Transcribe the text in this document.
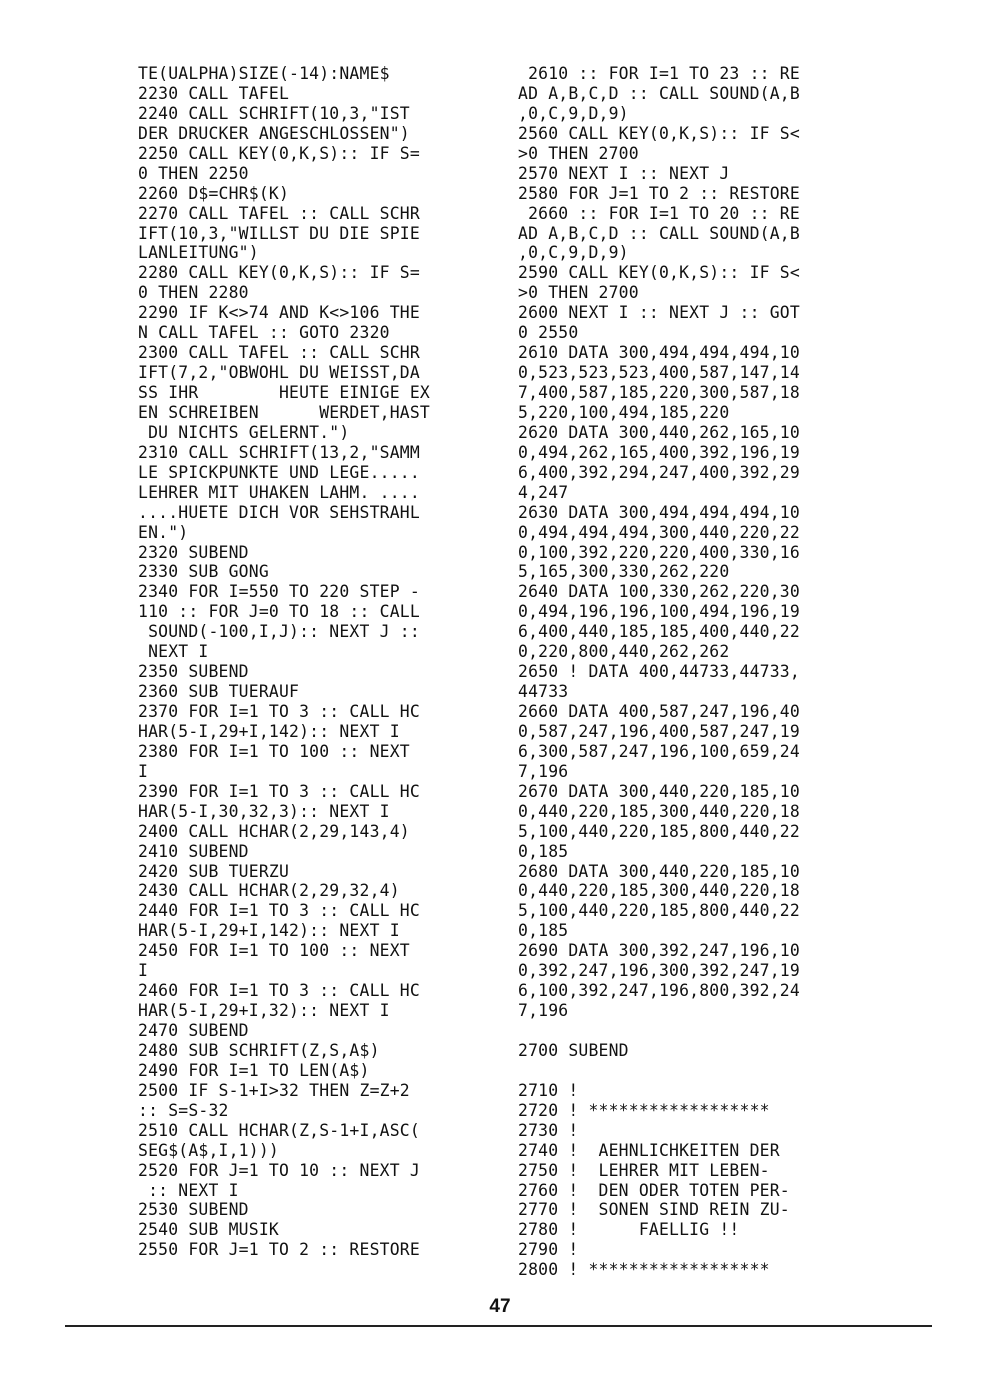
TE(UALPHA)SIZE(-14):NAME$
2230 CALL TAFEL
2240 CALL SCHRIFT(10,3,"IST
DER DRUCKER ANGESCHLOSSEN")
2250 CALL KEY(0,K,S):: IF S=
0 THEN 2250
2260 D$=CHR$(K)
2270 CALL TAFEL :: CALL SCHR
IFT(10,3,"WILLST DU DIE SPIE
LANLEITUNG")
2280 CALL KEY(0,K,S):: IF S=
0 THEN 2280
2290 IF K<>74 AND K<>106 THE
N CALL TAFEL :: GOTO 2320
2300 CALL TAFEL :: CALL SCHR
IFT(7,2,"OBWOHL DU WEISST,DA
SS IHR        HEUTE EINIGE EX
EN SCHREIBEN      WERDET,HAST
DU NICHTS GELERNT.")
2310 CALL SCHRIFT(13,2,"SAMM
LE SPICKPUNKTE UND LEGE.....
LEHRER MIT UHAKEN LAHM. ....
....HUETE DICH VOR SEHSTRAHL
EN.")
2320 SUBEND
2330 SUB GONG
2340 FOR I=550 TO 220 STEP -
110 :: FOR J=0 TO 18 :: CALL
SOUND(-100,I,J):: NEXT J ::
NEXT I
2350 SUBEND
2360 SUB TUERAUF
2370 FOR I=1 TO 3 :: CALL HC
HAR(5-I,29+I,142):: NEXT I
2380 FOR I=1 TO 100 :: NEXT
I
2390 FOR I=1 TO 3 :: CALL HC
HAR(5-I,30,32,3):: NEXT I
2400 CALL HCHAR(2,29,143,4)
2410 SUBEND
2420 SUB TUERZU
2430 CALL HCHAR(2,29,32,4)
2440 FOR I=1 TO 3 :: CALL HC
HAR(5-I,29+I,142):: NEXT I
2450 FOR I=1 TO 100 :: NEXT
I
2460 FOR I=1 TO 3 :: CALL HC
HAR(5-I,29+I,32):: NEXT I
2470 SUBEND
2480 SUB SCHRIFT(Z,S,A$)
2490 FOR I=1 TO LEN(A$)
2500 IF S-1+I>32 THEN Z=Z+2
:: S=S-32
2510 CALL HCHAR(Z,S-1+I,ASC(
SEG$(A$,I,1)))
2520 FOR J=1 TO 10 :: NEXT J
:: NEXT I
2530 SUBEND
2540 SUB MUSIK
2550 FOR J=1 TO 2 :: RESTORE
2610 :: FOR I=1 TO 23 :: RE
AD A,B,C,D :: CALL SOUND(A,B
,0,C,9,D,9)
2560 CALL KEY(0,K,S):: IF S<
>0 THEN 2700
2570 NEXT I :: NEXT J
2580 FOR J=1 TO 2 :: RESTORE
2660 :: FOR I=1 TO 20 :: RE
AD A,B,C,D :: CALL SOUND(A,B
,0,C,9,D,9)
2590 CALL KEY(0,K,S):: IF S<
>0 THEN 2700
2600 NEXT I :: NEXT J :: GOT
0 2550
2610 DATA 300,494,494,494,10
0,523,523,523,400,587,147,14
7,400,587,185,220,300,587,18
5,220,100,494,185,220
2620 DATA 300,440,262,165,10
0,494,262,165,400,392,196,19
6,400,392,294,247,400,392,29
4,247
2630 DATA 300,494,494,494,10
0,494,494,494,300,440,220,22
0,100,392,220,220,400,330,16
5,165,300,330,262,220
2640 DATA 100,330,262,220,30
0,494,196,196,100,494,196,19
6,400,440,185,185,400,440,22
0,220,800,440,262,262
2650 ! DATA 400,44733,44733,
44733
2660 DATA 400,587,247,196,40
0,587,247,196,400,587,247,19
6,300,587,247,196,100,659,24
7,196
2670 DATA 300,440,220,185,10
0,440,220,185,300,440,220,18
5,100,440,220,185,800,440,22
0,185
2680 DATA 300,440,220,185,10
0,440,220,185,300,440,220,18
5,100,440,220,185,800,440,22
0,185
2690 DATA 300,392,247,196,10
0,392,247,196,300,392,247,19
6,100,392,247,196,800,392,24
7,196
2700 SUBEND
2710 !
2720 ! ******************
2730 !
2740 !  AEHNLICHKEITEN DER
2750 !  LEHRER MIT LEBEN-
2760 !  DEN ODER TOTEN PER-
2770 !  SONEN SIND REIN ZU-
2780 !      FAELLIG !!
2790 !
2800 ! ******************
47
